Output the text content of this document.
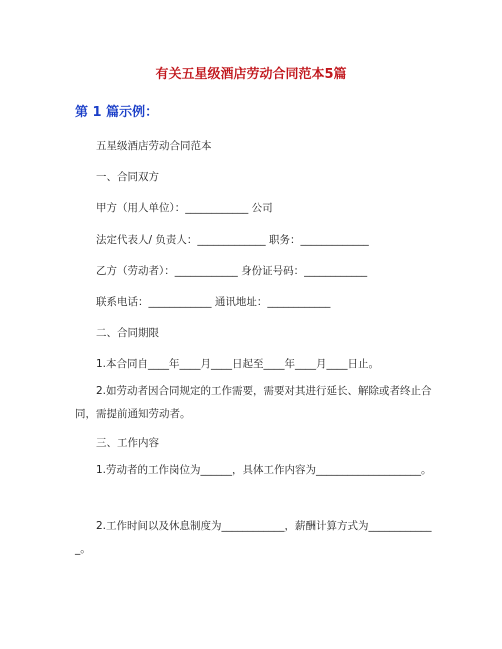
有关五星级酒店劳动合同范本5篇
第 1 篇示例：
五星级酒店劳动合同范本
一、合同双方
甲方（用人单位）：____________ 公司
法定代表人/ 负责人：_____________ 职务：_____________
乙方（劳动者）：____________ 身份证号码：____________
联系电话：____________ 通讯地址：____________
二、合同期限
1.本合同自____年____月____日起至____年____月____日止。
2.如劳动者因合同规定的工作需要，需要对其进行延长、解除或者终止合同，需提前通知劳动者。
三、工作内容
1.劳动者的工作岗位为______，具体工作内容为____________________。
2.工作时间以及休息制度为____________，薪酬计算方式为_____________。
